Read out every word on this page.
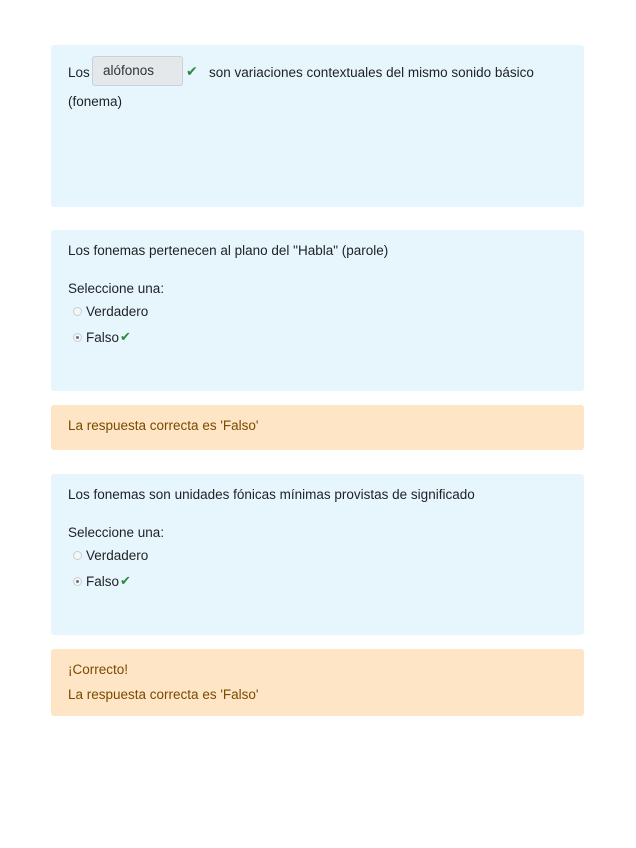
Los alófonos	✔ son variaciones contextuales del mismo sonido básico
(fonema)
Los fonemas pertenecen al plano del "Habla" (parole)
Seleccione una:
Verdadero
Falso ✔
La respuesta correcta es 'Falso'
Los fonemas son unidades fónicas mínimas provistas de significado
Seleccione una:
Verdadero
Falso ✔
¡Correcto!
La respuesta correcta es 'Falso'
